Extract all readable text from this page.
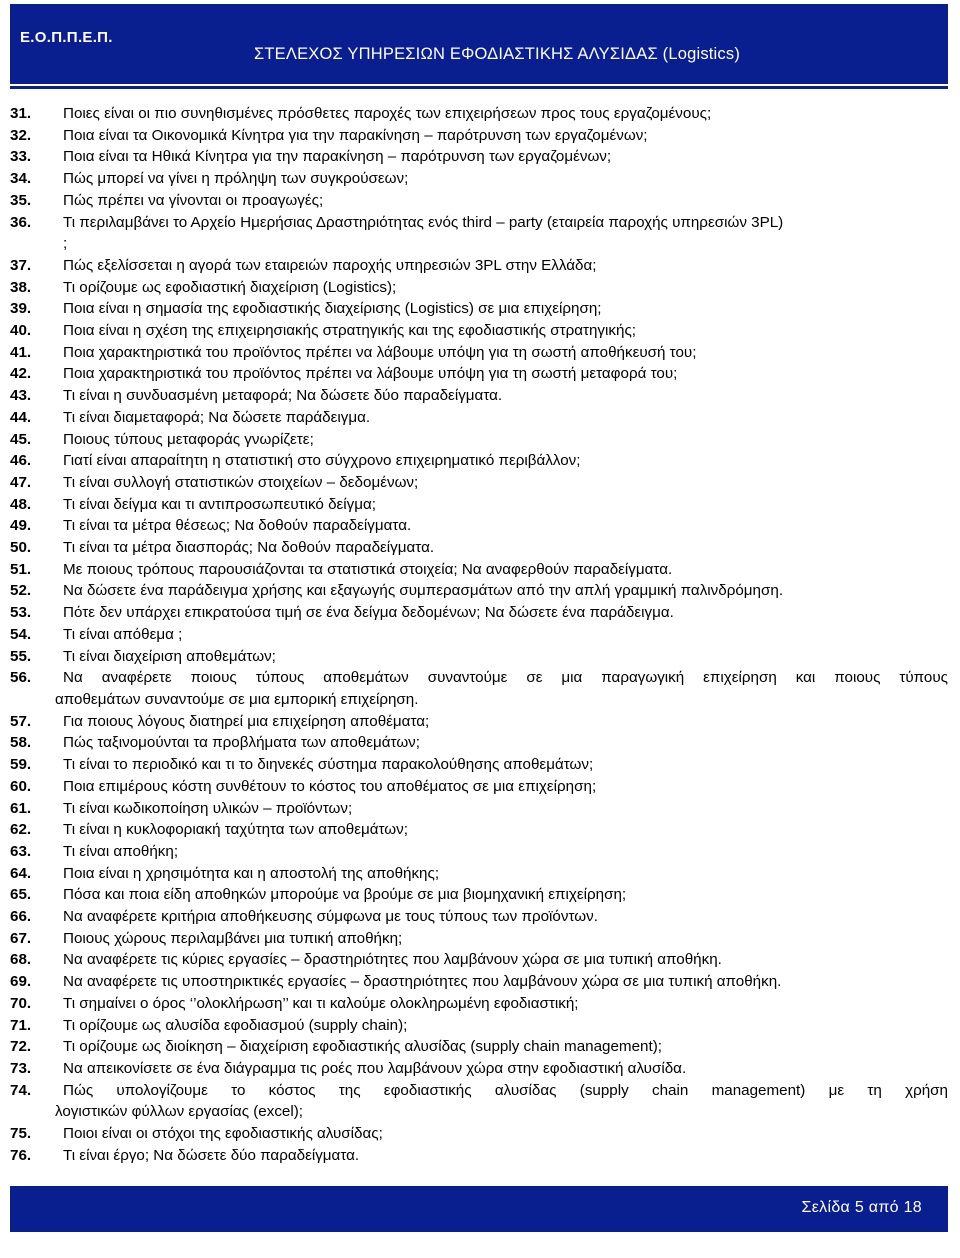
Ε.Ο.Π.Π.Ε.Π.
ΣΤΕΛΕΧΟΣ ΥΠΗΡΕΣΙΩΝ ΕΦΟΔΙΑΣΤΙΚΗΣ ΑΛΥΣΙΔΑΣ (Logistics)
31.	Ποιες είναι οι πιο συνηθισμένες πρόσθετες παροχές των επιχειρήσεων προς τους εργαζομένους;
32.	Ποια είναι τα Οικονομικά Κίνητρα για την παρακίνηση – παρότρυνση των εργαζομένων;
33.	Ποια είναι τα Ηθικά Κίνητρα για την παρακίνηση – παρότρυνση των εργαζομένων;
34.	Πώς μπορεί να γίνει η πρόληψη των συγκρούσεων;
35.	Πώς πρέπει να γίνονται οι προαγωγές;
36.	Τι περιλαμβάνει το Αρχείο Ημερήσιας Δραστηριότητας ενός third – party (εταιρεία παροχής υπηρεσιών 3PL)
;
37.	Πώς εξελίσσεται η αγορά των εταιρειών παροχής υπηρεσιών 3PL στην Ελλάδα;
38.	Τι ορίζουμε ως εφοδιαστική διαχείριση (Logistics);
39.	Ποια είναι η σημασία της εφοδιαστικής διαχείρισης (Logistics) σε μια επιχείρηση;
40.	Ποια είναι η σχέση της επιχειρησιακής στρατηγικής και της εφοδιαστικής στρατηγικής;
41.	Ποια χαρακτηριστικά του προϊόντος πρέπει να λάβουμε υπόψη για τη σωστή αποθήκευσή του;
42.	Ποια χαρακτηριστικά του προϊόντος πρέπει να λάβουμε υπόψη για τη σωστή μεταφορά του;
43.	Τι είναι η συνδυασμένη μεταφορά; Να δώσετε δύο παραδείγματα.
44.	Τι είναι διαμεταφορά; Να δώσετε παράδειγμα.
45.	Ποιους τύπους μεταφοράς γνωρίζετε;
46.	Γιατί είναι απαραίτητη η στατιστική στο σύγχρονο επιχειρηματικό περιβάλλον;
47.	Τι είναι συλλογή στατιστικών στοιχείων – δεδομένων;
48.	Τι είναι δείγμα και τι αντιπροσωπευτικό δείγμα;
49.	Τι είναι τα μέτρα θέσεως; Να δοθούν παραδείγματα.
50.	Τι είναι τα μέτρα διασποράς; Να δοθούν παραδείγματα.
51.	Με ποιους τρόπους παρουσιάζονται τα στατιστικά στοιχεία; Να αναφερθούν παραδείγματα.
52.	Να δώσετε ένα παράδειγμα χρήσης και εξαγωγής συμπερασμάτων από την απλή γραμμική παλινδρόμηση.
53.	Πότε δεν υπάρχει επικρατούσα τιμή σε ένα δείγμα δεδομένων; Να δώσετε ένα παράδειγμα.
54.	Τι είναι απόθεμα ;
55.	Τι είναι διαχείριση αποθεμάτων;
56.	Να αναφέρετε ποιους τύπους αποθεμάτων συναντούμε σε μια παραγωγική επιχείρηση και ποιους τύπους
αποθεμάτων συναντούμε σε μια εμπορική επιχείρηση.
57.	Για ποιους λόγους διατηρεί μια επιχείρηση αποθέματα;
58.	Πώς ταξινομούνται τα προβλήματα των αποθεμάτων;
59.	Τι είναι το περιοδικό και τι το διηνεκές σύστημα παρακολούθησης αποθεμάτων;
60.	Ποια επιμέρους κόστη συνθέτουν το κόστος του αποθέματος σε μια επιχείρηση;
61.	Τι είναι κωδικοποίηση υλικών – προϊόντων;
62.	Τι είναι η κυκλοφοριακή ταχύτητα των αποθεμάτων;
63.	Τι είναι αποθήκη;
64.	Ποια είναι η χρησιμότητα και η αποστολή της αποθήκης;
65.	Πόσα και ποια είδη αποθηκών μπορούμε να βρούμε σε μια βιομηχανική επιχείρηση;
66.	Να αναφέρετε κριτήρια αποθήκευσης σύμφωνα με τους τύπους των προϊόντων.
67.	Ποιους χώρους περιλαμβάνει μια τυπική αποθήκη;
68.	Να αναφέρετε τις κύριες εργασίες – δραστηριότητες που λαμβάνουν χώρα σε μια τυπική αποθήκη.
69.	Να αναφέρετε τις υποστηρικτικές εργασίες – δραστηριότητες που λαμβάνουν χώρα σε μια τυπική αποθήκη.
70.	Τι σημαίνει ο όρος ‘’ολοκλήρωση’’ και τι καλούμε ολοκληρωμένη εφοδιαστική;
71.	Τι ορίζουμε ως αλυσίδα εφοδιασμού (supply chain);
72.	Τι ορίζουμε ως διοίκηση – διαχείριση εφοδιαστικής αλυσίδας (supply chain management);
73.	Να απεικονίσετε σε ένα διάγραμμα τις ροές που λαμβάνουν χώρα στην εφοδιαστική αλυσίδα.
74.	Πώς υπολογίζουμε το κόστος της εφοδιαστικής αλυσίδας (supply chain management) με τη χρήση
λογιστικών φύλλων εργασίας (excel);
75.	Ποιοι είναι οι στόχοι της εφοδιαστικής αλυσίδας;
76.	Τι είναι έργο; Να δώσετε δύο παραδείγματα.
Σελίδα 5 από 18
